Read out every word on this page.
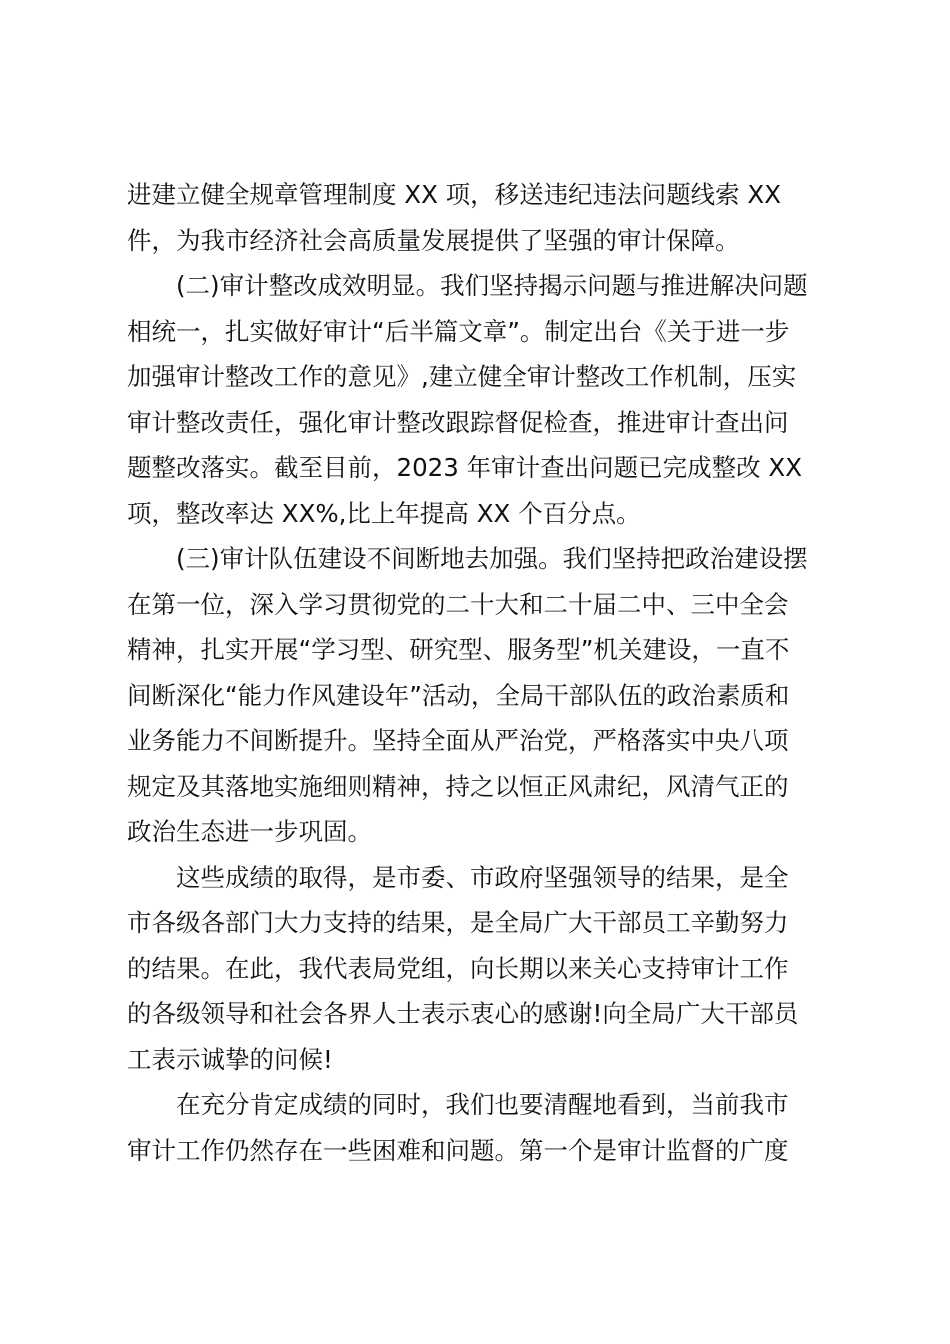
进建立健全规章管理制度 XX 项，移送违纪违法问题线索 XX
件，为我市经济社会高质量发展提供了坚强的审计保障。
　　(二)审计整改成效明显。我们坚持揭示问题与推进解决问题
相统一，扎实做好审计“后半篇文章”。制定出台《关于进一步
加强审计整改工作的意见》,建立健全审计整改工作机制，压实
审计整改责任，强化审计整改跟踪督促检查，推进审计查出问
题整改落实。截至目前，2023 年审计查出问题已完成整改 XX
项，整改率达 XX%,比上年提高 XX 个百分点。
　　(三)审计队伍建设不间断地去加强。我们坚持把政治建设摆
在第一位，深入学习贯彻党的二十大和二十届二中、三中全会
精神，扎实开展“学习型、研究型、服务型”机关建设，一直不
间断深化“能力作风建设年”活动，全局干部队伍的政治素质和
业务能力不间断提升。坚持全面从严治党，严格落实中央八项
规定及其落地实施细则精神，持之以恒正风肃纪，风清气正的
政治生态进一步巩固。
　　这些成绩的取得，是市委、市政府坚强领导的结果，是全
市各级各部门大力支持的结果，是全局广大干部员工辛勤努力
的结果。在此，我代表局党组，向长期以来关心支持审计工作
的各级领导和社会各界人士表示衷心的感谢!向全局广大干部员
工表示诚挚的问候!
　　在充分肯定成绩的同时，我们也要清醒地看到，当前我市
审计工作仍然存在一些困难和问题。第一个是审计监督的广度
